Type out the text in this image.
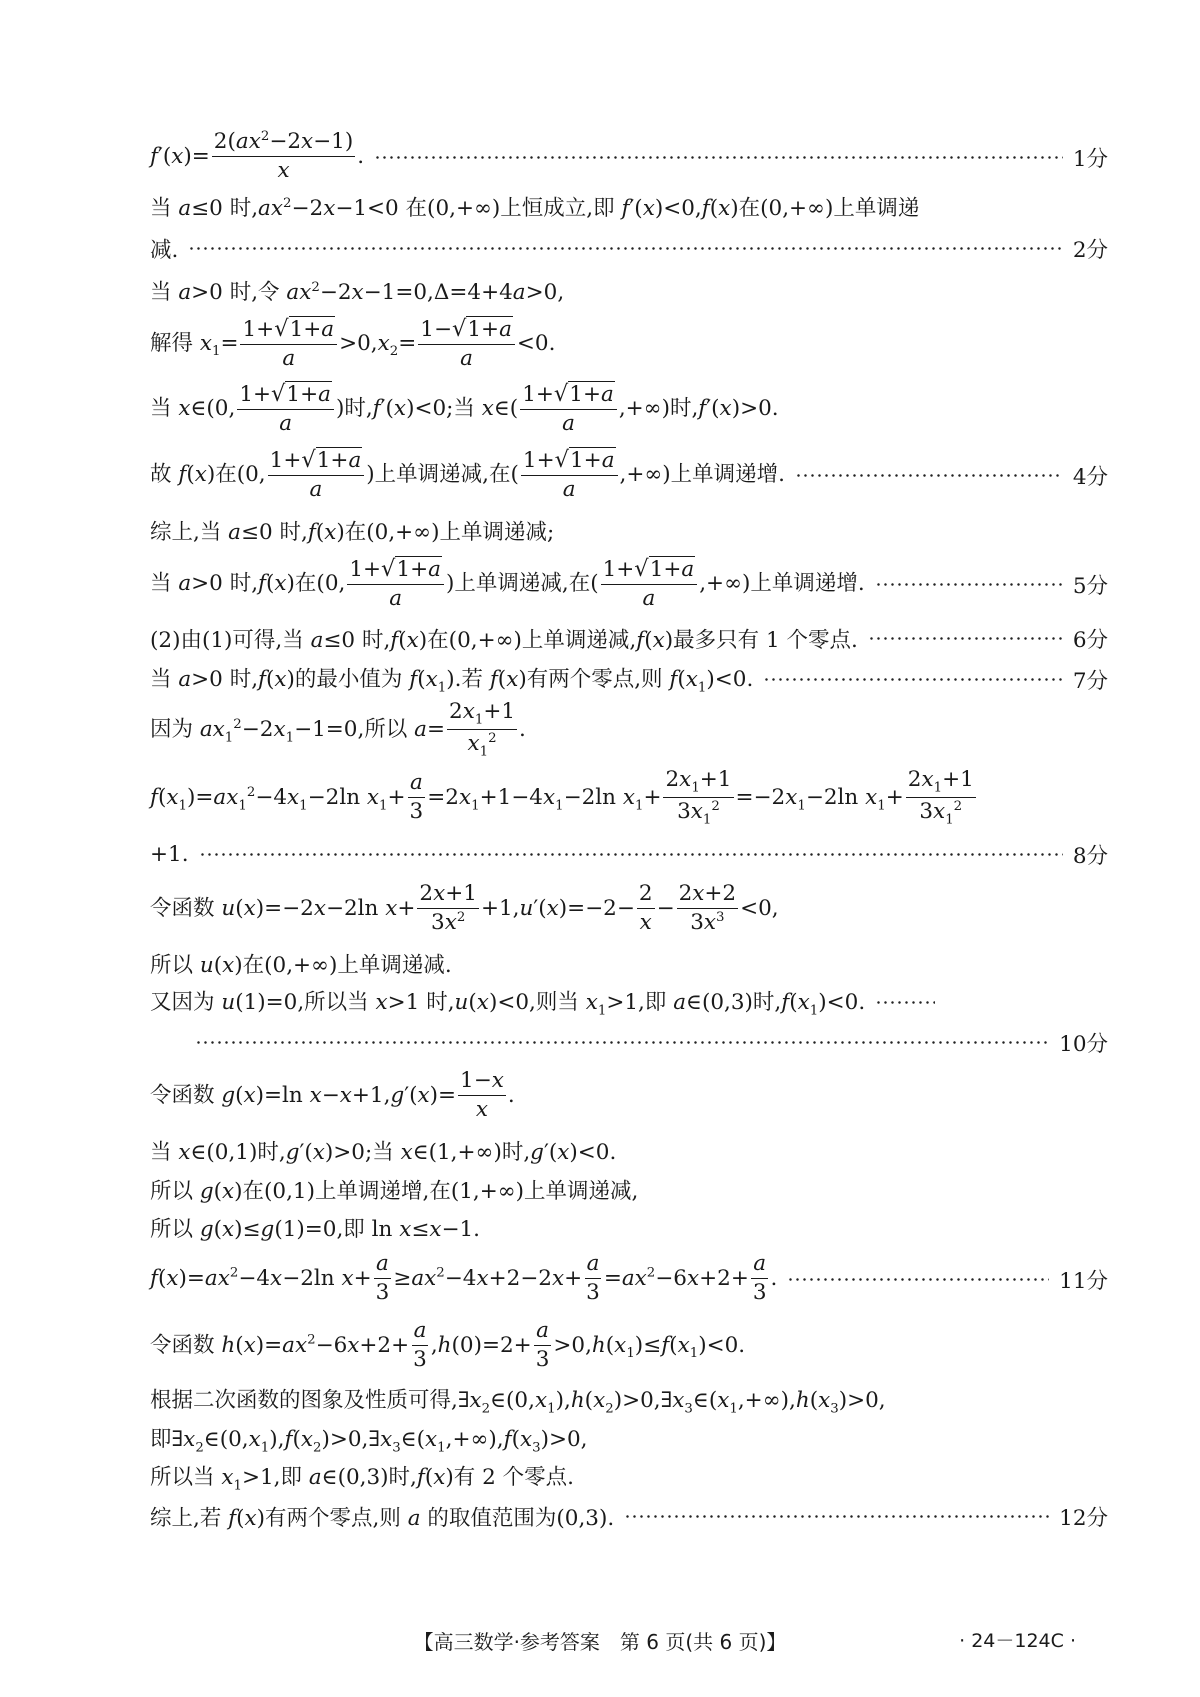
$f'(x)= \frac{2(ax^2-2x-1)}{x}$ .	1分
当 a≤0 时$,ax^2-2x-1<0$ 在(0,+∞)上恒成立,即 f′(x)<0,f(x)在(0,+∞)上单调递
减.	2分
当 a>0 时,令 $ax^2-2x-1=0,\Delta=4+4a>0$,
解得 $x_1= \frac{1+√1+a}{a} >0,x_2= \frac{1-√1+a}{a} <0$.
当 x∈(0, $\frac{1+√1+a}{a}$ )时,f′(x)<0;当 x∈( $\frac{1+√1+a}{a}$ ,+∞)时,f′(x)>0.
故 f(x)在(0, $\frac{1+√1+a}{a}$ )上单调递减,在( $\frac{1+√1+a}{a}$ ,+∞)上单调递增.	4分
综上,当 a≤0 时,f(x)在(0,+∞)上单调递减;
当 a>0 时,f(x)在(0, $\frac{1+√1+a}{a}$ )上单调递减,在( $\frac{1+√1+a}{a}$ ,+∞)上单调递增.	5分
(2)由(1)可得,当 a≤0 时,f(x)在(0,+∞)上单调递减,f(x)最多只有 1 个零点.	6分
当 a>0 时,f(x)的最小值为 $f(x_1)$.若 f(x)有两个零点,则 $f(x_1)<0$.	7分
因为 $ax_1^2-2x_1-1=0$,所以 $a= \frac{2x_1+1}{x_1^2}$ .
$f(x_1)=ax_1^2-4x_1-2\ln$ $x_1+ \frac{a}{3} =2x_1+1-4x_1-2\ln$ $x_1+ \frac{2x_1+1}{3x_1^2} =-2x_1-2\ln$ $x_1+ \frac{2x_1+1}{3x_1^2}$
+1.	8分
令函数 u(x)=−2x−2ln $x+ \frac{2x+1}{3x^2} +1,u'(x)=-2- \frac{2}{x} - \frac{2x+2}{3x^3} <0$,
所以 u(x)在(0,+∞)上单调递减.
又因为 u(1)=0,所以当 x>1 时,u(x)<0,则当 $x_1>1$,即 a∈(0,3)时$,f(x_1)<0$.
10分
令函数 g(x)=ln $x-x+1,g'(x)= \frac{1-x}{x}$ .
当 x∈(0,1)时,g′(x)>0;当 x∈(1,+∞)时,g′(x)<0.
所以 g(x)在(0,1)上单调递增,在(1,+∞)上单调递减,
所以 g(x)≤g(1)=0,即 ln x≤x−1.
$f(x)=ax^2-4x-2\ln$ $x+ \frac{a}{3} \ge ax^2-4x+2-2x+ \frac{a}{3} =ax^2-6x+2+ \frac{a}{3}$ .	11分
令函数 $h(x)=ax^2-6x+2+ \frac{a}{3} ,h(0)=2+ \frac{a}{3} >0,h(x_1)\le f(x_1)<0$.
根据二次函数的图象及性质可得$,\exists x_2\in(0,x_1),h(x_2)>0,\exists x_3\in(x_1,+\infty),h(x_3)>0$,
即$\exists x_2\in(0,x_1),f(x_2)>0,\exists x_3\in(x_1,+\infty),f(x_3)>0$,
所以当 $x_1>1$,即 a∈(0,3)时,f(x)有 2 个零点.
综上,若 f(x)有两个零点,则 a 的取值范围为(0,3).	12分
【高三数学·参考答案　第 6 页(共 6 页)】	· 24－124C ·
